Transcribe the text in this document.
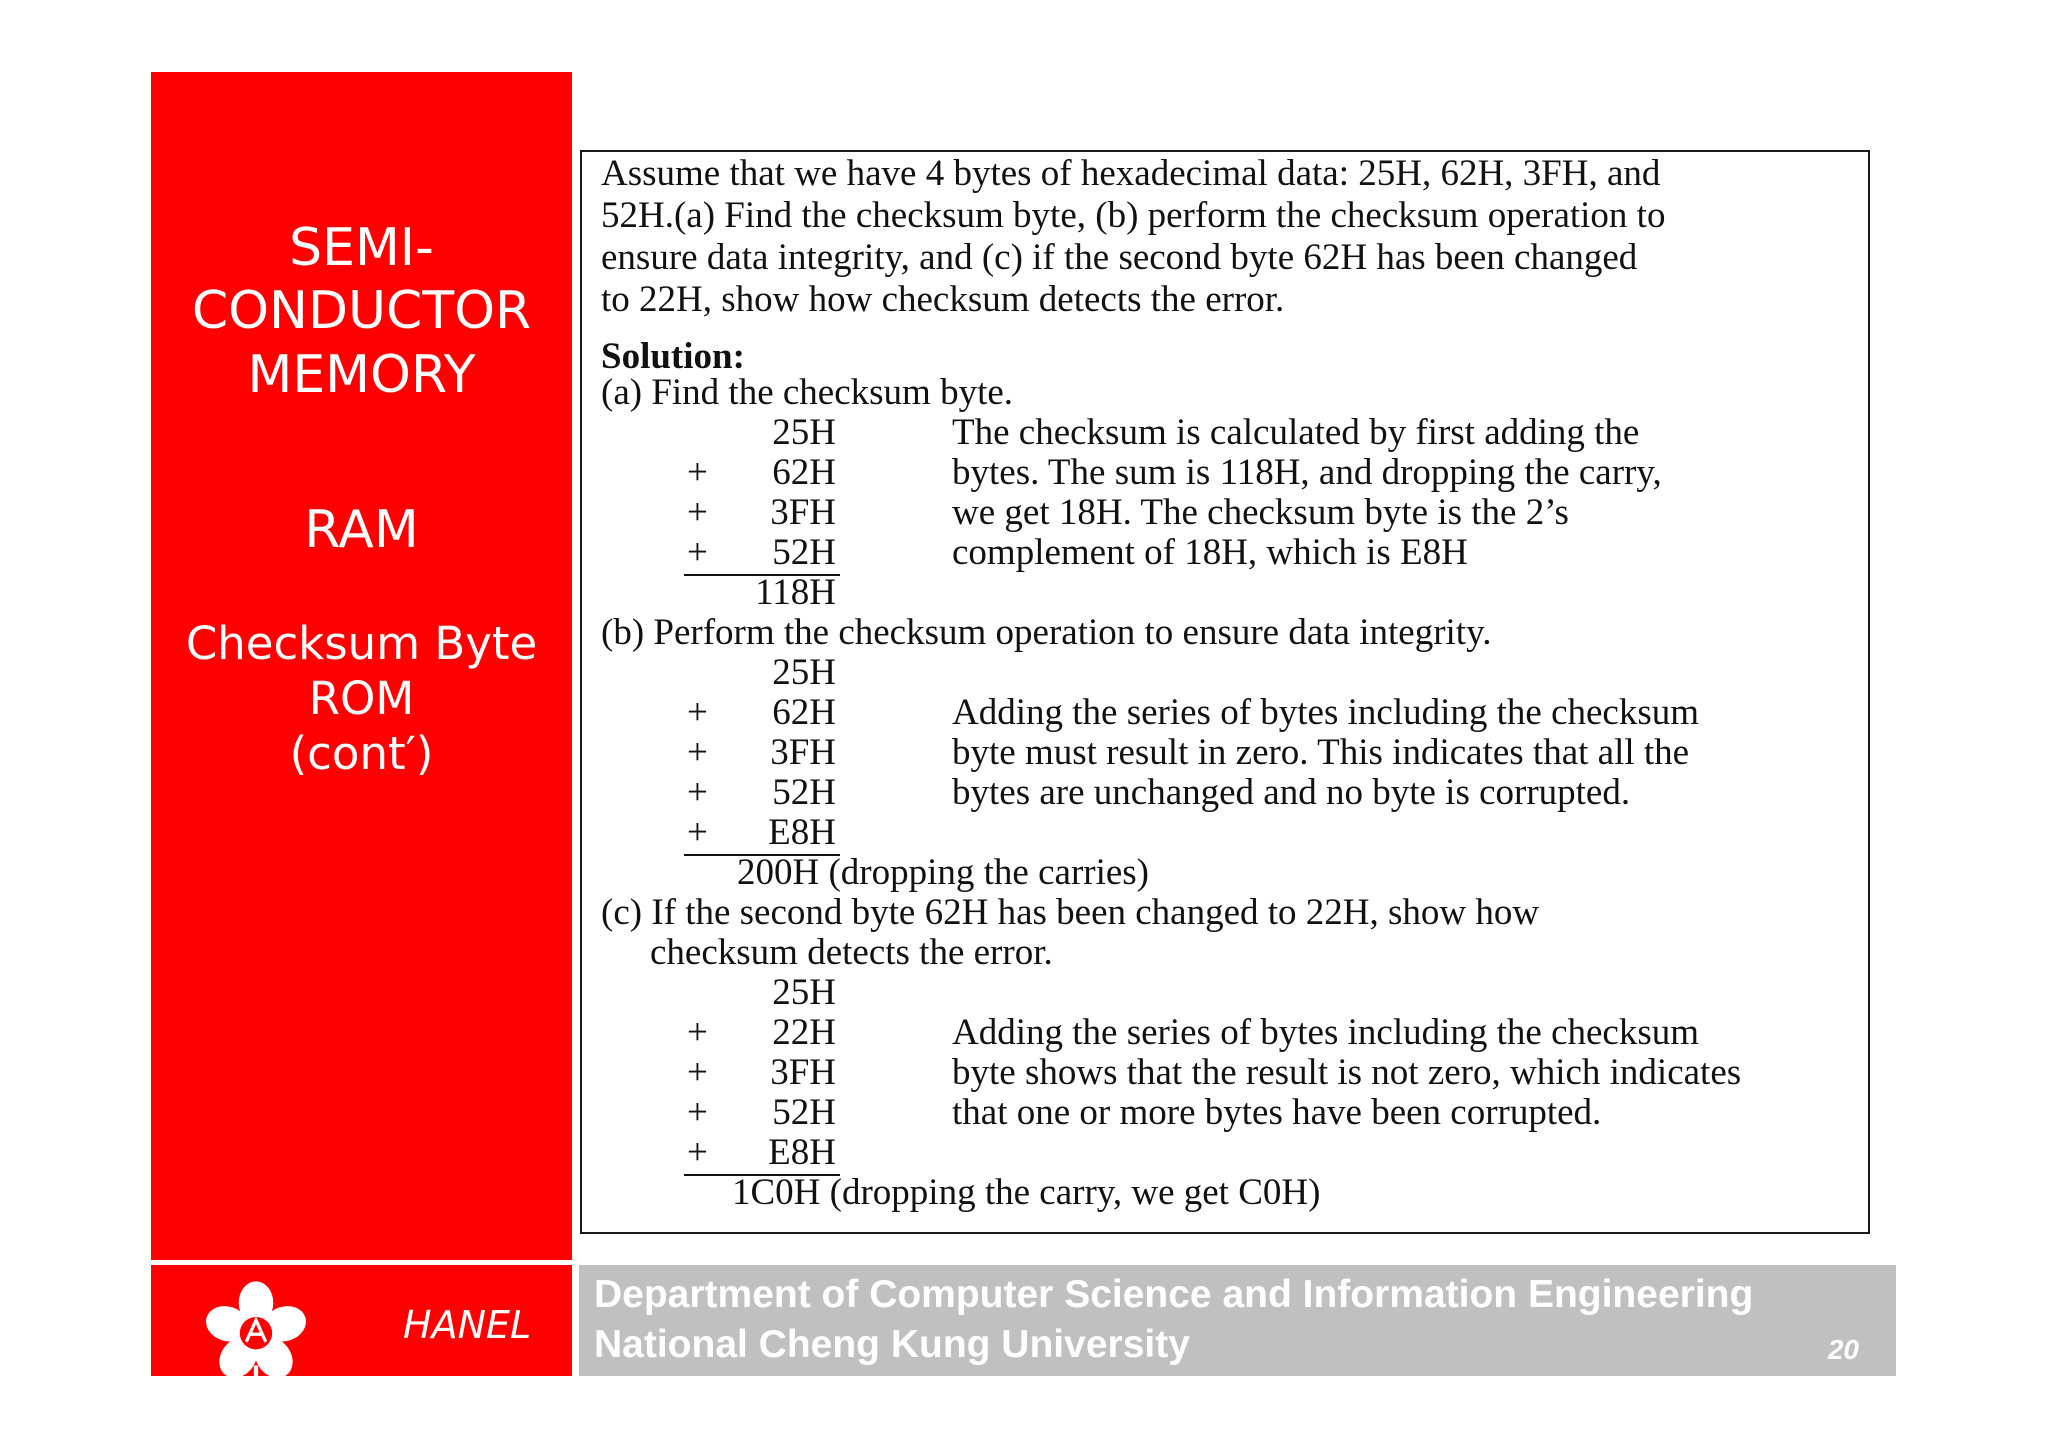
SEMI-
CONDUCTOR
MEMORY
RAM
Checksum Byte
ROM
(cont′)
HANEL
Department of Computer Science and Information Engineering
National Cheng Kung University	20
Assume that we have 4 bytes of hexadecimal data: 25H, 62H, 3FH, and
52H.(a) Find the checksum byte, (b) perform the checksum operation to
ensure data integrity, and (c) if the second byte 62H has been changed
to 22H, show how checksum detects the error.
Solution:
(a) Find the checksum byte.
25H
+	62H
+	3FH
+	52H
118H
The checksum is calculated by first adding the
bytes. The sum is 118H, and dropping the carry,
we get 18H. The checksum byte is the 2’s
complement of 18H, which is E8H
(b) Perform the checksum operation to ensure data integrity.
25H
+	62H
+	3FH
+	52H
+	E8H
200H (dropping the carries)
Adding the series of bytes including the checksum
byte must result in zero. This indicates that all the
bytes are unchanged and no byte is corrupted.
(c) If the second byte 62H has been changed to 22H, show how
checksum detects the error.
25H
+	22H
+	3FH
+	52H
+	E8H
1C0H (dropping the carry, we get C0H)
Adding the series of bytes including the checksum
byte shows that the result is not zero, which indicates
that one or more bytes have been corrupted.
